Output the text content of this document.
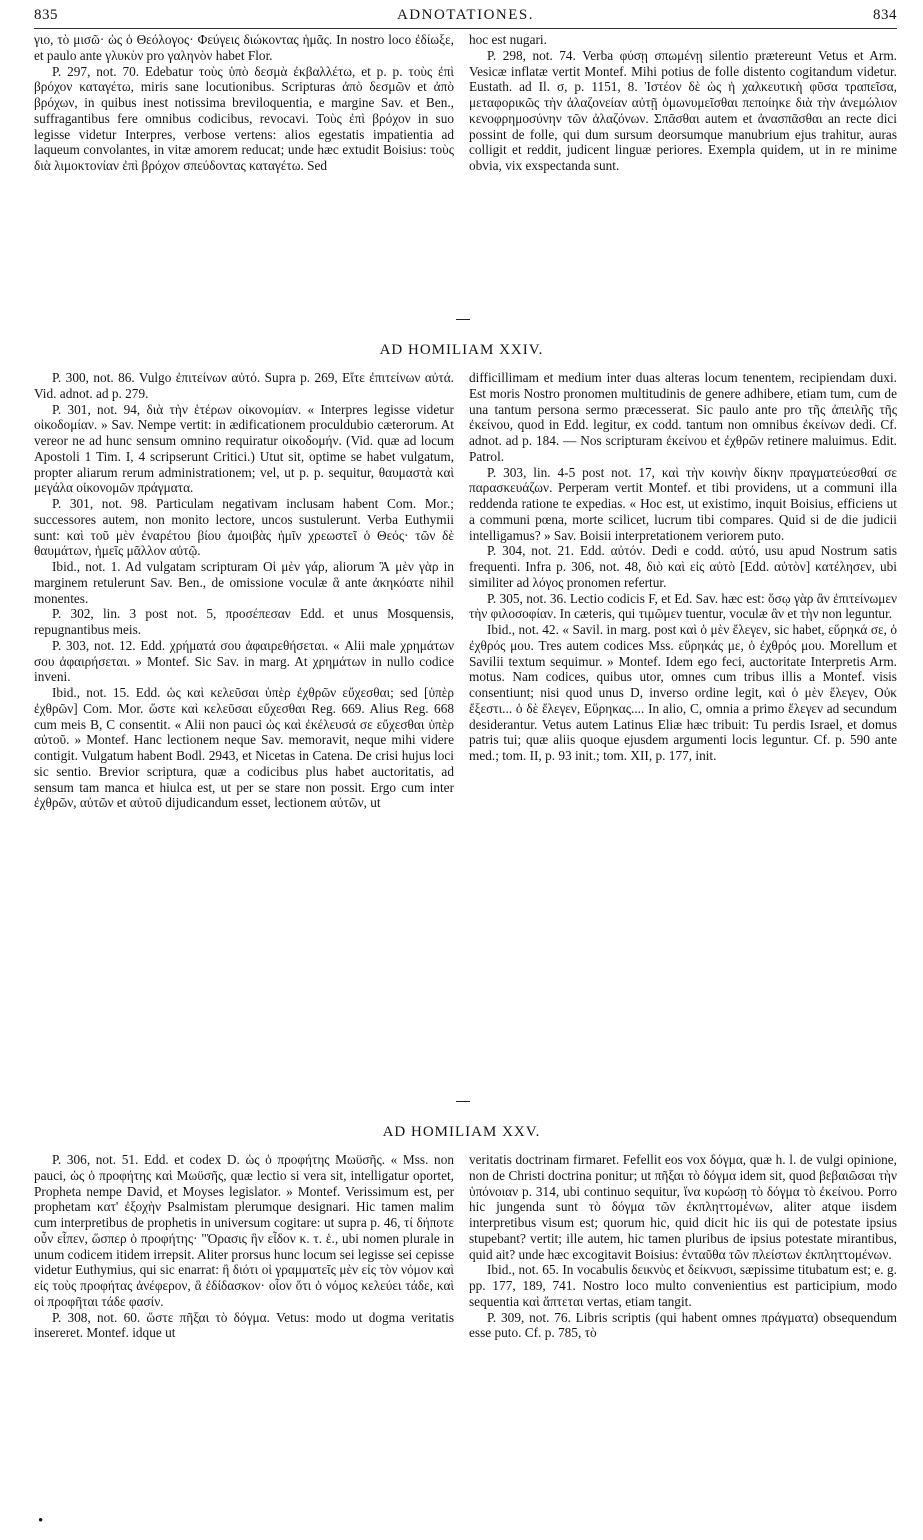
835	ADNOTATIONES.	834

γιο, τὸ μισῶ· ὡς ὁ Θεόλογος· Φεύγεις διώκοντας ἡμᾶς. In nostro loco ἐδίωξε, et paulo ante γλυκὺν pro γαληνὸν habet Flor.

P. 297, not. 70. Edebatur τοὺς ὑπὸ δεσμὰ ἐκβαλλέτω, et p. p. τοὺς ἐπὶ βρόχον καταγέτω, miris sane locutionibus. Scripturas ἀπὸ δεσμῶν et ἀπὸ βρόχων, in quibus inest notissima breviloquentia, e margine Sav. et Ben., suffragantibus fere omnibus codicibus, revocavi. Τοὺς ἐπὶ βρόχον in suo legisse videtur Interpres, verbose vertens: alios egestatis impatientia ad laqueum convolantes, in vitæ amorem reducat; unde hæc extudit Boisius: τοὺς διὰ λιμοκτονίαν ἐπὶ βρόχον σπεύδοντας καταγέτω. Sed

hoc est nugari.

P. 298, not. 74. Verba φύσῃ σπωμένῃ silentio prætereunt Vetus et Arm. Vesicæ inflatæ vertit Montef. Mihi potius de folle distento cogitandum videtur. Eustath. ad Il. σ, p. 1151, 8. Ἰστέον δὲ ὡς ἡ χαλκευτικὴ φῦσα τραπεῖσα, μεταφορικῶς τὴν ἀλαζονείαν αὐτῇ ὁμωνυμεῖσθαι πεποίηκε διὰ τὴν ἀνεμώλιον κενοφρημοσύνην τῶν ἀλαζόνων. Σπᾶσθαι autem et ἀνασπᾶσθαι an recte dici possint de folle, qui dum sursum deorsumque manubrium ejus trahitur, auras colligit et reddit, judicent linguæ periores. Exempla quidem, ut in re minime obvia, vix exspectanda sunt.

AD HOMILIAM XXIV.

P. 300, not. 86. Vulgo ἐπιτείνων αὐτό. Supra p. 269, Εἴτε ἐπιτείνων αὐτά. Vid. adnot. ad p. 279.

P. 301, not. 94, διὰ τὴν ἑτέρων οἰκονομίαν. « Interpres legisse videtur οἰκοδομίαν. » Sav. Nempe vertit: in ædificationem proculdubio cæterorum. At vereor ne ad hunc sensum omnino requiratur οἰκοδομήν. (Vid. quæ ad locum Apostoli 1 Tim. I, 4 scripserunt Critici.) Utut sit, optime se habet vulgatum, propter aliarum rerum administrationem; vel, ut p. p. sequitur, θαυμαστὰ καὶ μεγάλα οἰκονομῶν πράγματα.

P. 301, not. 98. Particulam negativam inclusam habent Com. Mor.; successores autem, non monito lectore, uncos sustulerunt. Verba Euthymii sunt: καὶ τοῦ μὲν ἐναρέτου βίου ἀμοιβὰς ἡμῖν χρεωστεῖ ὁ Θεός· τῶν δὲ θαυμάτων, ἡμεῖς μᾶλλον αὐτῷ.

Ibid., not. 1. Ad vulgatam scripturam Οἱ μὲν γάρ, aliorum Ἃ μὲν γὰρ in marginem retulerunt Sav. Ben., de omissione voculæ ἃ ante ἀκηκόατε nihil monentes.

P. 302, lin. 3 post not. 5, προσέπεσαν Edd. et unus Mosquensis, repugnantibus meis.

P. 303, not. 12. Edd. χρήματά σου ἀφαιρεθήσεται. « Alii male χρημάτων σου ἀφαιρήσεται. » Montef. Sic Sav. in marg. At χρημάτων in nullo codice inveni.

Ibid., not. 15. Edd. ὡς καὶ κελεῦσαι ὑπὲρ ἐχθρῶν εὔχεσθαι; sed [ὑπὲρ ἐχθρῶν] Com. Mor. ὥστε καὶ κελεῦσαι εὔχεσθαι Reg. 669. Alius Reg. 668 cum meis B, C consentit. « Alii non pauci ὡς καὶ ἐκέλευσά σε εὔχεσθαι ὑπὲρ αὐτοῦ. » Montef. Hanc lectionem neque Sav. memoravit, neque mihi videre contigit. Vulgatum habent Bodl. 2943, et Nicetas in Catena. De crisi hujus loci sic sentio. Brevior scriptura, quæ a codicibus plus habet auctoritatis, ad sensum tam manca et hiulca est, ut per se stare non possit. Ergo cum inter ἐχθρῶν, αὐτῶν et αὐτοῦ dijudicandum esset, lectionem αὐτῶν, ut

difficillimam et medium inter duas alteras locum tenentem, recipiendam duxi. Est moris Nostro pronomen multitudinis de genere adhibere, etiam tum, cum de una tantum persona sermo præcesserat. Sic paulo ante pro τῆς ἀπειλῆς τῆς ἐκείνου, quod in Edd. legitur, ex codd. tantum non omnibus ἐκείνων dedi. Cf. adnot. ad p. 184. — Nos scripturam ἐκείνου et ἐχθρῶν retinere maluimus. Edit. Patrol.

P. 303, lin. 4-5 post not. 17, καὶ τὴν κοινὴν δίκην πραγματεύεσθαί σε παρασκευάζων. Perperam vertit Montef. et tibi providens, ut a communi illa reddenda ratione te expedias. « Hoc est, ut existimo, inquit Boisius, efficiens ut a communi pœna, morte scilicet, lucrum tibi compares. Quid si de die judicii intelligamus? » Sav. Boisii interpretationem veriorem puto.

P. 304, not. 21. Edd. αὐτόν. Dedi e codd. αὐτό, usu apud Nostrum satis frequenti. Infra p. 306, not. 48, διὸ καὶ εἰς αὐτὸ [Edd. αὐτὸν] κατέλησεν, ubi similiter ad λόγος pronomen refertur.

P. 305, not. 36. Lectio codicis F, et Ed. Sav. hæc est: ὅσῳ γὰρ ἂν ἐπιτείνωμεν τὴν φιλοσοφίαν. In cæteris, qui τιμῶμεν tuentur, voculæ ἂν et τὴν non leguntur.

Ibid., not. 42. « Savil. in marg. post καὶ ὁ μὲν ἔλεγεν, sic habet, εὕρηκά σε, ὁ ἐχθρός μου. Tres autem codices Mss. εὕρηκάς με, ὁ ἐχθρός μου. Morellum et Savilii textum sequimur. » Montef. Idem ego feci, auctoritate Interpretis Arm. motus. Nam codices, quibus utor, omnes cum tribus illis a Montef. visis consentiunt; nisi quod unus D, inverso ordine legit, καὶ ὁ μὲν ἔλεγεν, Οὐκ ἔξεστι... ὁ δὲ ἔλεγεν, Εὕρηκας.... In alio, C, omnia a primo ἔλεγεν ad secundum desiderantur. Vetus autem Latinus Eliæ hæc tribuit: Tu perdis Israel, et domus patris tui; quæ aliis quoque ejusdem argumenti locis leguntur. Cf. p. 590 ante med.; tom. II, p. 93 init.; tom. XII, p. 177, init.

AD HOMILIAM XXV.

P. 306, not. 51. Edd. et codex D. ὡς ὁ προφήτης Μωϋσῆς. « Mss. non pauci, ὡς ὁ προφήτης καὶ Μωϋσῆς, quæ lectio si vera sit, intelligatur oportet, Propheta nempe David, et Moyses legislator. » Montef. Verissimum est, per prophetam κατ' ἐξοχὴν Psalmistam plerumque designari. Hic tamen malim cum interpretibus de prophetis in universum cogitare: ut supra p. 46, τί δήποτε οὖν εἶπεν, ὥσπερ ὁ προφήτης· "Ὁρασις ἣν εἶδον κ. τ. ἑ., ubi nomen plurale in unum codicem itidem irrepsit. Aliter prorsus hunc locum sei legisse sei cepisse videtur Euthymius, qui sic enarrat: ἢ διότι οἱ γραμματεῖς μὲν εἰς τὸν νόμον καὶ εἰς τοὺς προφήτας ἀνέφερον, ἃ ἐδίδασκον· οἷον ὅτι ὁ νόμος κελεύει τάδε, καὶ οἱ προφῆται τάδε φασίν.

P. 308, not. 60. ὥστε πῆξαι τὸ δόγμα. Vetus: modo ut dogma veritatis insereret. Montef. idque ut

veritatis doctrinam firmaret. Fefellit eos vox δόγμα, quæ h. l. de vulgi opinione, non de Christi doctrina ponitur; ut πῆξαι τὸ δόγμα idem sit, quod βεβαιῶσαι τὴν ὑπόνοιαν p. 314, ubi continuo sequitur, ἵνα κυρώσῃ τὸ δόγμα τὸ ἐκείνου. Porro hic jungenda sunt τὸ δόγμα τῶν ἐκπληττομένων, aliter atque iisdem interpretibus visum est; quorum hic, quid dicit hic iis qui de potestate ipsius stupebant? vertit; ille autem, hic tamen pluribus de ipsius potestate mirantibus, quid ait? unde hæc excogitavit Boisius: ἐνταῦθα τῶν πλείστων ἐκπληττομένων.

Ibid., not. 65. In vocabulis δεικνὺς et δείκνυσι, sæpissime titubatum est; e. g. pp. 177, 189, 741. Nostro loco multo convenientius est participium, modo sequentia καὶ ἅπτεται vertas, etiam tangit.

P. 309, not. 76. Libris scriptis (qui habent omnes πράγματα) obsequendum esse puto. Cf. p. 785, τὸ

•
